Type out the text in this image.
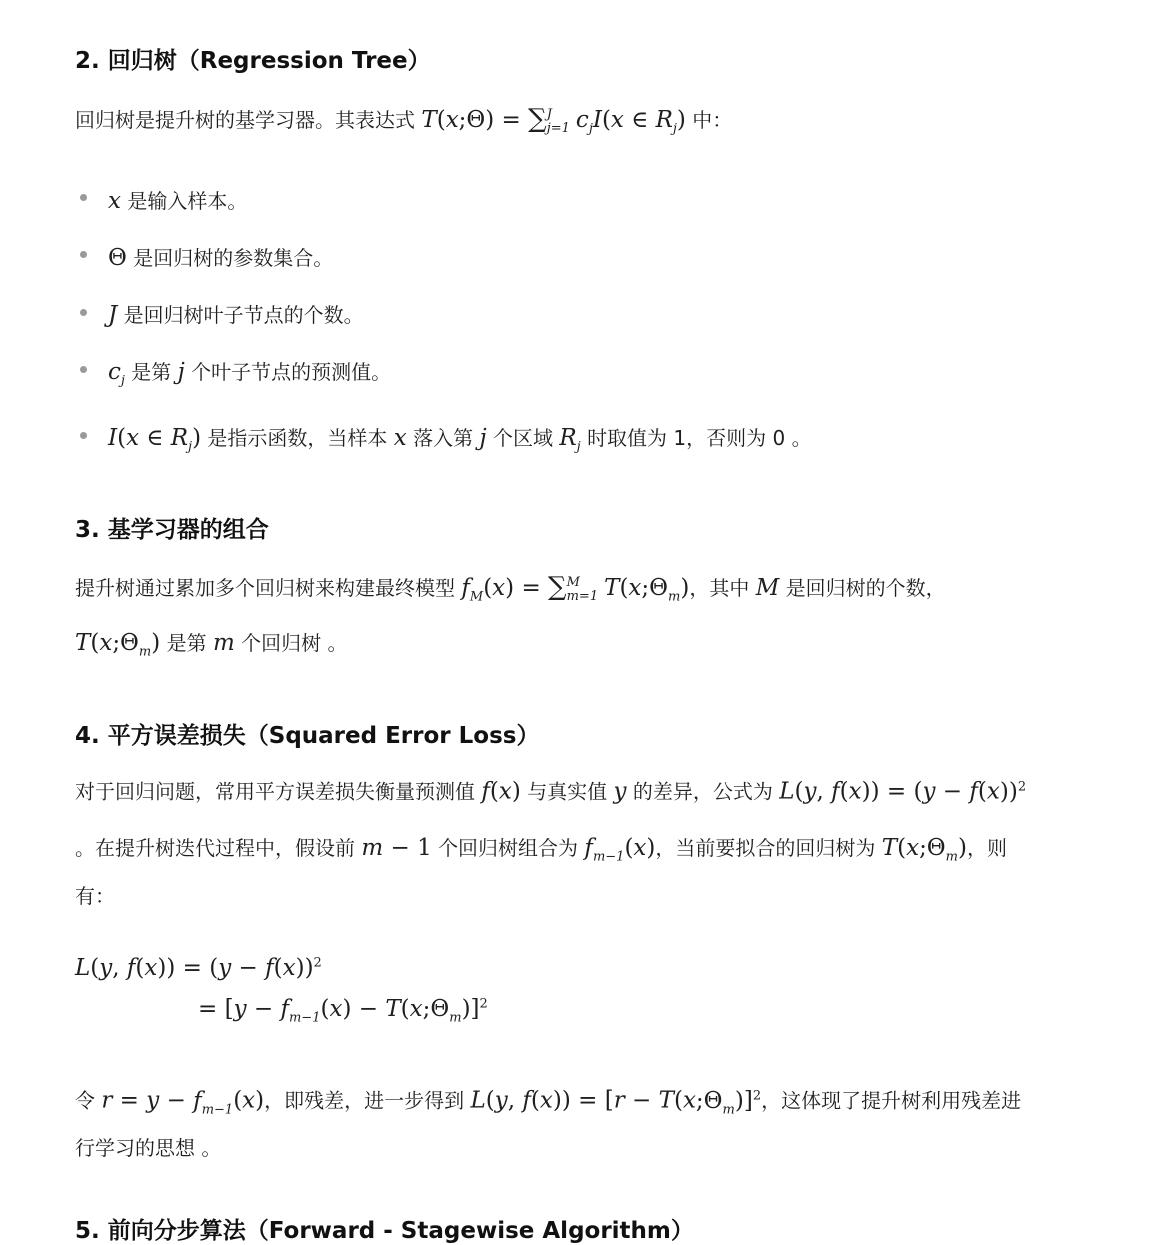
2. 回归树（Regression Tree）
回归树是提升树的基学习器。其表达式 T(x;Θ) = ∑ J
j=1 $c_jI(x$ ∈ $R_j$) 中：
x 是输入样本。
Θ 是回归树的参数集合。
J 是回归树叶子节点的个数。
$c_j$ 是第 j 个叶子节点的预测值。
I(x ∈ $R_j$) 是指示函数，当样本 x 落入第 j 个区域 $R_j$ 时取值为 1，否则为 0 。
3. 基学习器的组合
提升树通过累加多个回归树来构建最终模型 $f_M(x)$ = ∑ M
m=1 $T(x;\Theta_m)$，其中 M 是回归树的个数，
$T(x;\Theta_m)$ 是第 m 个回归树 。
4. 平方误差损失（Squared Error Loss）
对于回归问题，常用平方误差损失衡量预测值 f(x) 与真实值 y 的差异，公式为 L(y, $f(x)) = (y - f(x))^2$
。在提升树迭代过程中，假设前 m − 1 个回归树组合为 $f_{m-1}(x)$，当前要拟合的回归树为 $T(x;\Theta_m)$，则
有：
L(y, $f(x)) = (y - f(x))^2$
= [$y - f_{m-1}(x)$ − $T(x;\Theta_m)]^2$
令 $r = y - f_{m-1}(x)$，即残差，进一步得到 L(y, $f(x)) = [r - T(x;\Theta_m)]^2$，这体现了提升树利用残差进
行学习的思想 。
5. 前向分步算法（Forward - Stagewise Algorithm）
